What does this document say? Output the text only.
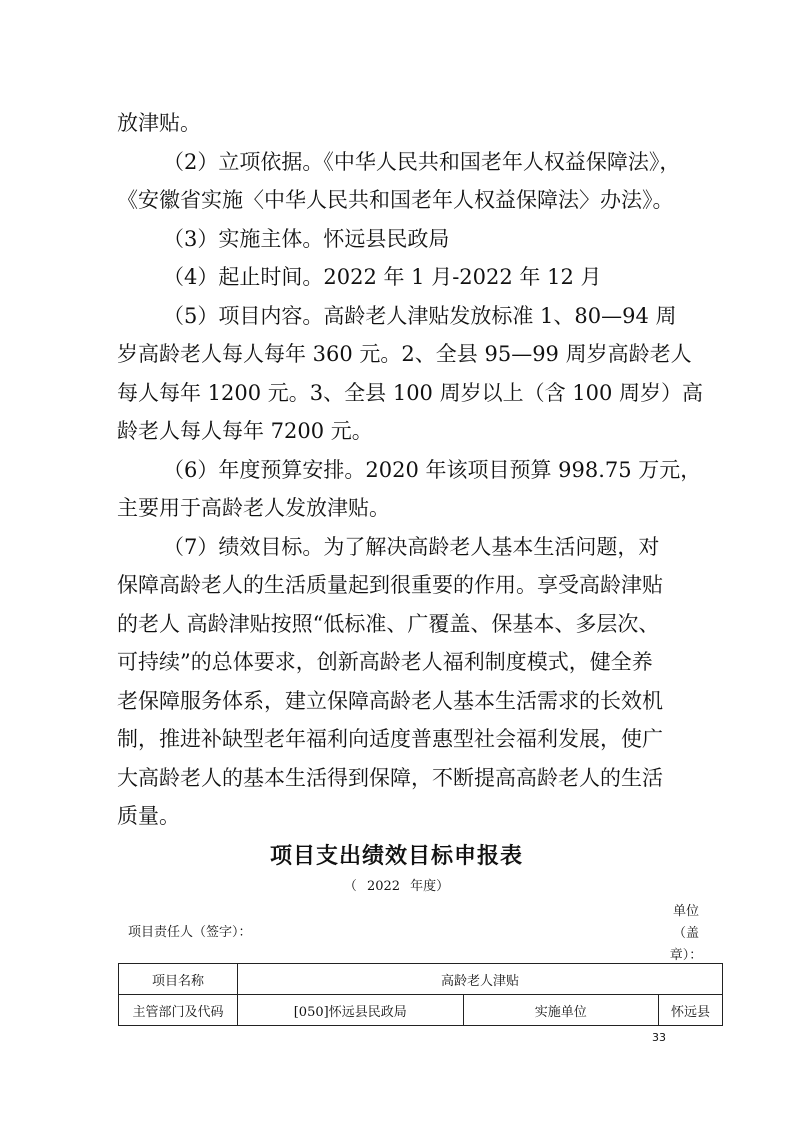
放津贴。
（2）立项依据。《中华人民共和国老年人权益保障法》，
《安徽省实施〈中华人民共和国老年人权益保障法〉办法》。
（3）实施主体。怀远县民政局
（4）起止时间。2022 年 1 月-2022 年 12 月
（5）项目内容。高龄老人津贴发放标准 1、80—94 周
岁高龄老人每人每年 360 元。2、全县 95—99 周岁高龄老人
每人每年 1200 元。3、全县 100 周岁以上（含 100 周岁）高
龄老人每人每年 7200 元。
（6）年度预算安排。2020 年该项目预算 998.75 万元，
主要用于高龄老人发放津贴。
（7）绩效目标。为了解决高龄老人基本生活问题，对
保障高龄老人的生活质量起到很重要的作用。享受高龄津贴
的老人 高龄津贴按照“低标准、广覆盖、保基本、多层次、
可持续”的总体要求，创新高龄老人福利制度模式，健全养
老保障服务体系，建立保障高龄老人基本生活需求的长效机
制，推进补缺型老年福利向适度普惠型社会福利发展，使广
大高龄老人的基本生活得到保障，不断提高高龄老人的生活
质量。
项目支出绩效目标申报表
（ 2022 年度）
项目责任人（签字）：
单位（盖章）：
项目名称	高龄老人津贴		
主管部门及代码	[050]怀远县民政局	实施单位	怀远县
33
